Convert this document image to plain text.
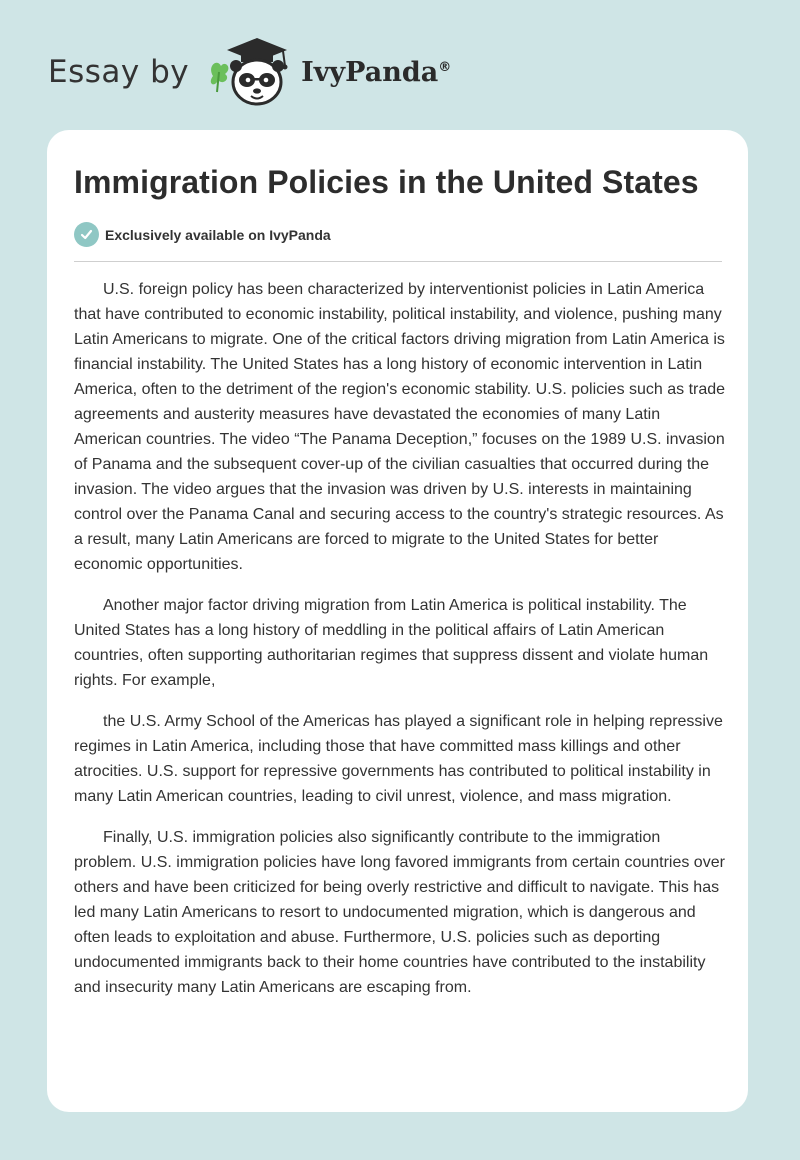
Essay by	IvyPanda®
Immigration Policies in the United States
Exclusively available on IvyPanda

U.S. foreign policy has been characterized by interventionist policies in Latin America that have contributed to economic instability, political instability, and violence, pushing many Latin Americans to migrate. One of the critical factors driving migration from Latin America is financial instability. The United States has a long history of economic intervention in Latin America, often to the detriment of the region's economic stability. U.S. policies such as trade agreements and austerity measures have devastated the economies of many Latin American countries. The video “The Panama Deception,” focuses on the 1989 U.S. invasion of Panama and the subsequent cover-up of the civilian casualties that occurred during the invasion. The video argues that the invasion was driven by U.S. interests in maintaining control over the Panama Canal and securing access to the country's strategic resources. As a result, many Latin Americans are forced to migrate to the United States for better economic opportunities.

Another major factor driving migration from Latin America is political instability. The United States has a long history of meddling in the political affairs of Latin American countries, often supporting authoritarian regimes that suppress dissent and violate human rights. For example,

the U.S. Army School of the Americas has played a significant role in helping repressive regimes in Latin America, including those that have committed mass killings and other atrocities. U.S. support for repressive governments has contributed to political instability in many Latin American countries, leading to civil unrest, violence, and mass migration.

Finally, U.S. immigration policies also significantly contribute to the immigration problem. U.S. immigration policies have long favored immigrants from certain countries over others and have been criticized for being overly restrictive and difficult to navigate. This has led many Latin Americans to resort to undocumented migration, which is dangerous and often leads to exploitation and abuse. Furthermore, U.S. policies such as deporting undocumented immigrants back to their home countries have contributed to the instability and insecurity many Latin Americans are escaping from.
